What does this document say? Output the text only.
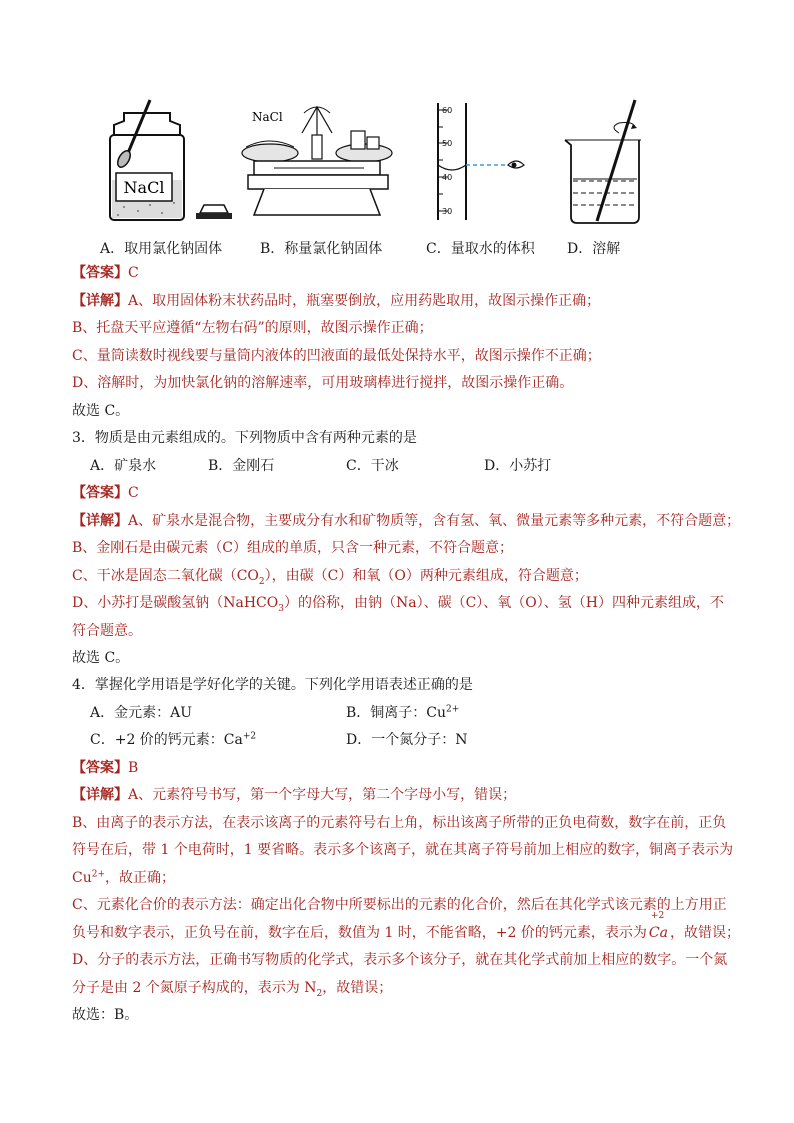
NaCl
NaCl	60
50
40
30
A．取用氯化钠固体	B．称量氯化钠固体	C．量取水的体积 D．溶解
【答案】C
【详解】A、取用固体粉末状药品时，瓶塞要倒放，应用药匙取用，故图示操作正确；
B、托盘天平应遵循“左物右码”的原则，故图示操作正确；
C、量筒读数时视线要与量筒内液体的凹液面的最低处保持水平，故图示操作不正确；
D、溶解时，为加快氯化钠的溶解速率，可用玻璃棒进行搅拌，故图示操作正确。
故选 C。
3．物质是由元素组成的。下列物质中含有两种元素的是
A．矿泉水	B．金刚石	C．干冰	D．小苏打
【答案】C
【详解】A、矿泉水是混合物，主要成分有水和矿物质等，含有氢、氧、微量元素等多种元素，不符合题意；
B、金刚石是由碳元素（C）组成的单质，只含一种元素，不符合题意；
C、干冰是固态二氧化碳$(CO_2)$，由碳（C）和氧（O）两种元素组成，符合题意；
D、小苏打是碳酸氢钠（NaHCO$_3$）的俗称，由钠（Na）、碳（C）、氧（O）、氢（H）四种元素组成，不
符合题意。
故选 C。
4．掌握化学用语是学好化学的关键。下列化学用语表述正确的是
A．金元素：AU	B．铜离子：$Cu^{2+}$
C．+2 价的钙元素：$Ca^{+2}$	D．一个氮分子：N
【答案】B
【详解】A、元素符号书写，第一个字母大写，第二个字母小写，错误；
B、由离子的表示方法，在表示该离子的元素符号右上角，标出该离子所带的正负电荷数，数字在前，正负
符号在后，带 1 个电荷时，1 要省略。表示多个该离子，就在其离子符号前加上相应的数字，铜离子表示为
$Cu^{2+}$，故正确；
C、元素化合价的表示方法：确定出化合物中所要标出的元素的化合价，然后在其化学式该元素的上方用正
负号和数字表示，正负号在前，数字在后，数值为 1 时，不能省略，+2 价的钙元素，表示为
+2
Ca ，故错误；
D、分子的表示方法，正确书写物质的化学式，表示多个该分子，就在其化学式前加上相应的数字。一个氮
分子是由 2 个氮原子构成的，表示为 $N_2$，故错误；
故选：B。
